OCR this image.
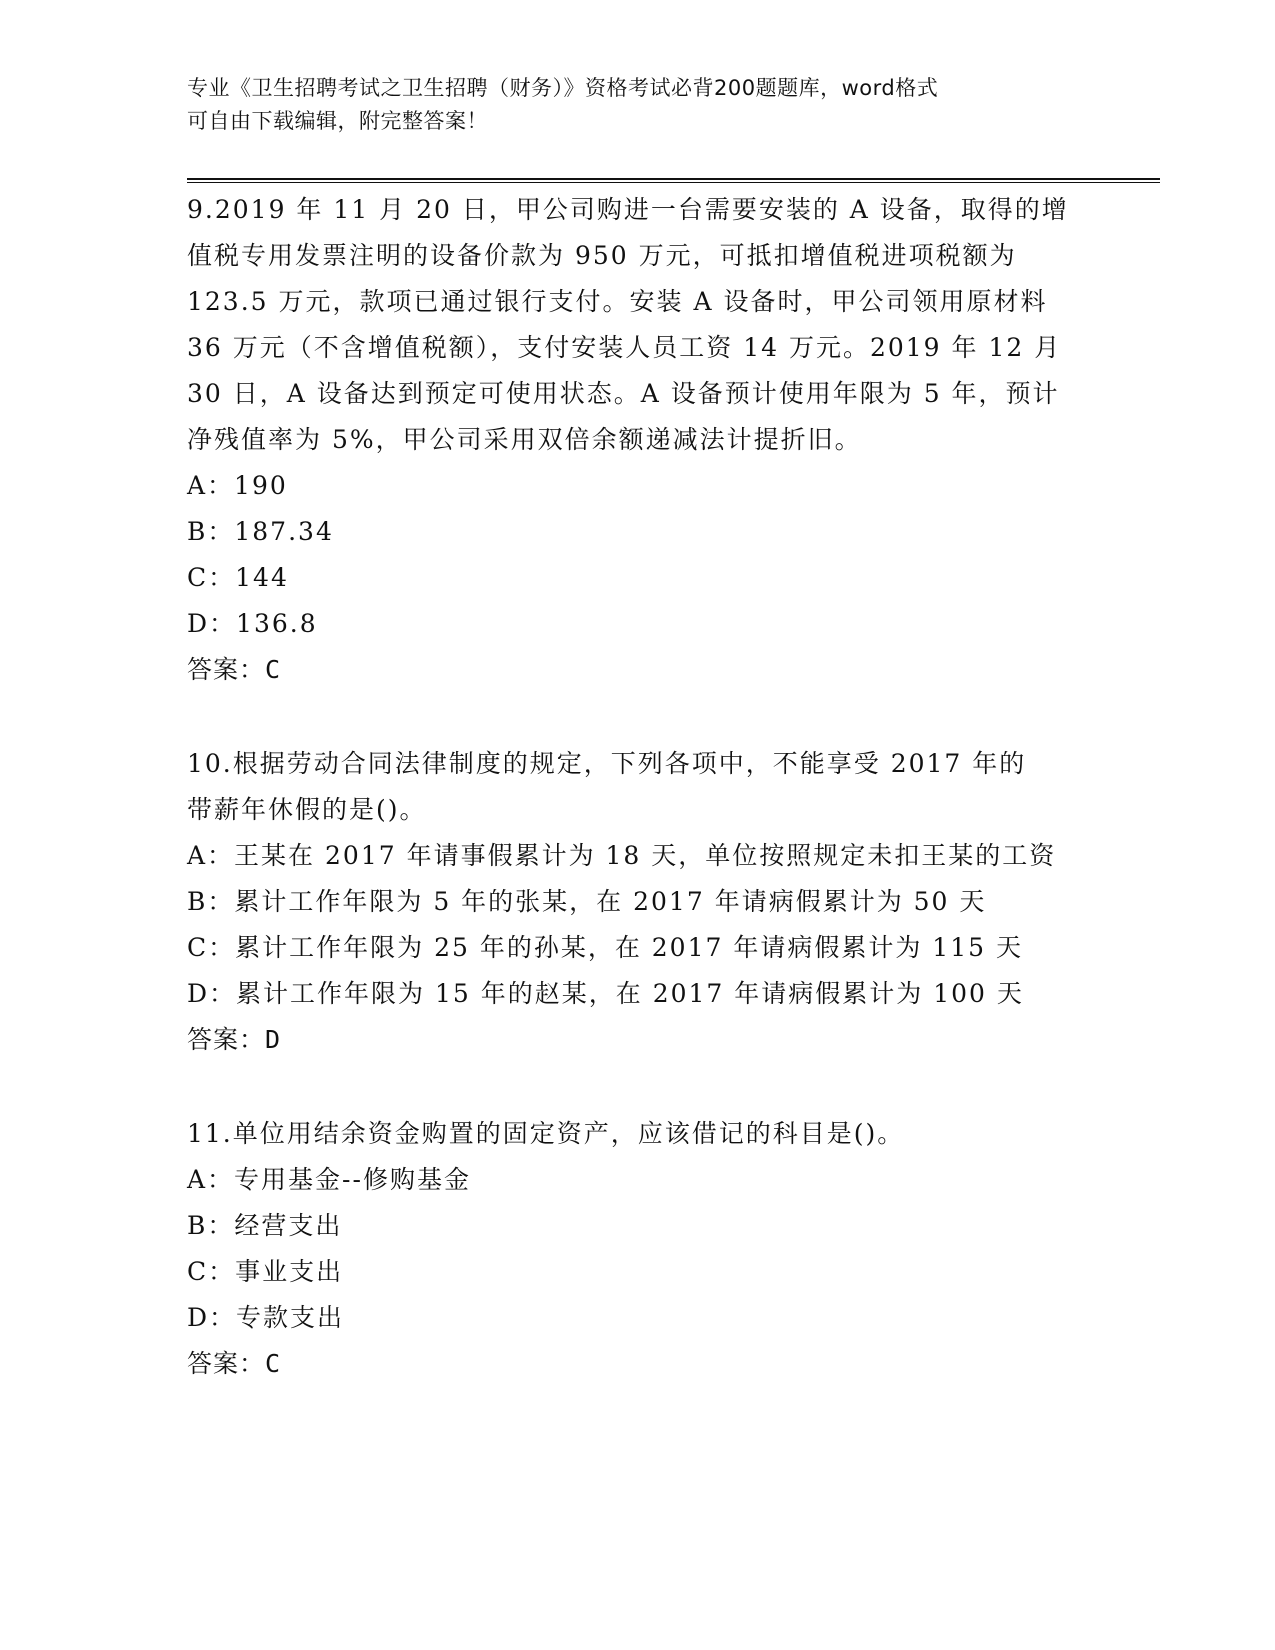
专业《卫生招聘考试之卫生招聘（财务）》资格考试必背200题题库，word格式
可自由下载编辑，附完整答案！

9.2019 年 11 月 20 日，甲公司购进一台需要安装的 A 设备，取得的增
值税专用发票注明的设备价款为 950 万元，可抵扣增值税进项税额为
123.5 万元，款项已通过银行支付。安装 A 设备时，甲公司领用原材料
36 万元（不含增值税额），支付安装人员工资 14 万元。2019 年 12 月
30 日，A 设备达到预定可使用状态。A 设备预计使用年限为 5 年，预计
净残值率为 5%，甲公司采用双倍余额递减法计提折旧。

A：190

B：187.34

C：144

D：136.8

答案：C

10.根据劳动合同法律制度的规定，下列各项中，不能享受 2017 年的
带薪年休假的是()。

A：王某在 2017 年请事假累计为 18 天，单位按照规定未扣王某的工资

B：累计工作年限为 5 年的张某，在 2017 年请病假累计为 50 天

C：累计工作年限为 25 年的孙某，在 2017 年请病假累计为 115 天

D：累计工作年限为 15 年的赵某，在 2017 年请病假累计为 100 天

答案：D

11.单位用结余资金购置的固定资产，应该借记的科目是()。

A：专用基金--修购基金

B：经营支出

C：事业支出

D：专款支出

答案：C
